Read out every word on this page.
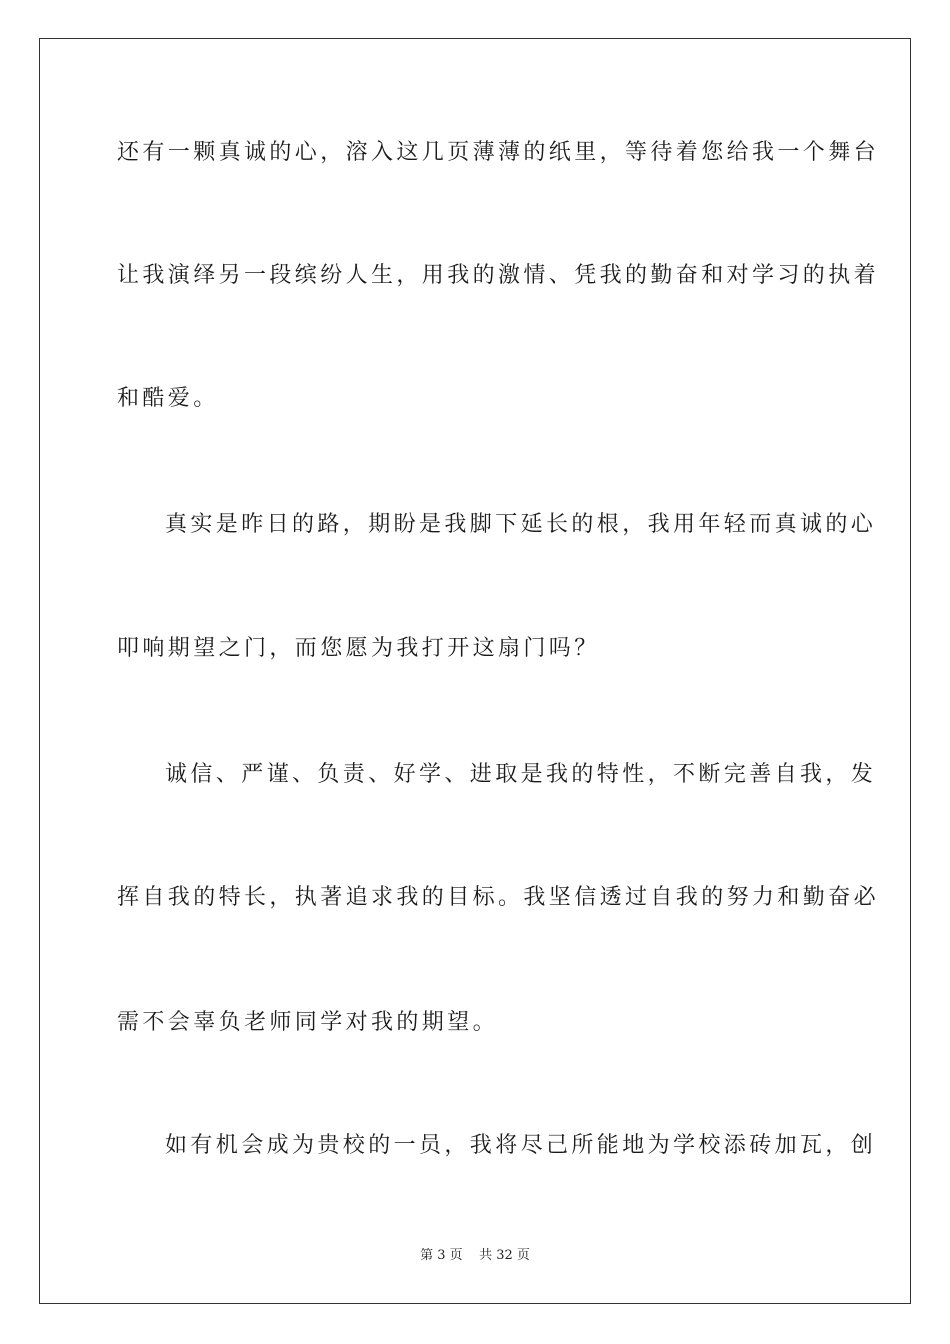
还有一颗真诚的心，溶入这几页薄薄的纸里，等待着您给我一个舞台
让我演绎另一段缤纷人生，用我的激情、凭我的勤奋和对学习的执着
和酷爱。
真实是昨日的路，期盼是我脚下延长的根，我用年轻而真诚的心
叩响期望之门，而您愿为我打开这扇门吗？
诚信、严谨、负责、好学、进取是我的特性，不断完善自我，发
挥自我的特长，执著追求我的目标。我坚信透过自我的努力和勤奋必
需不会辜负老师同学对我的期望。
如有机会成为贵校的一员，我将尽己所能地为学校添砖加瓦，创
第 3 页    共 32 页
